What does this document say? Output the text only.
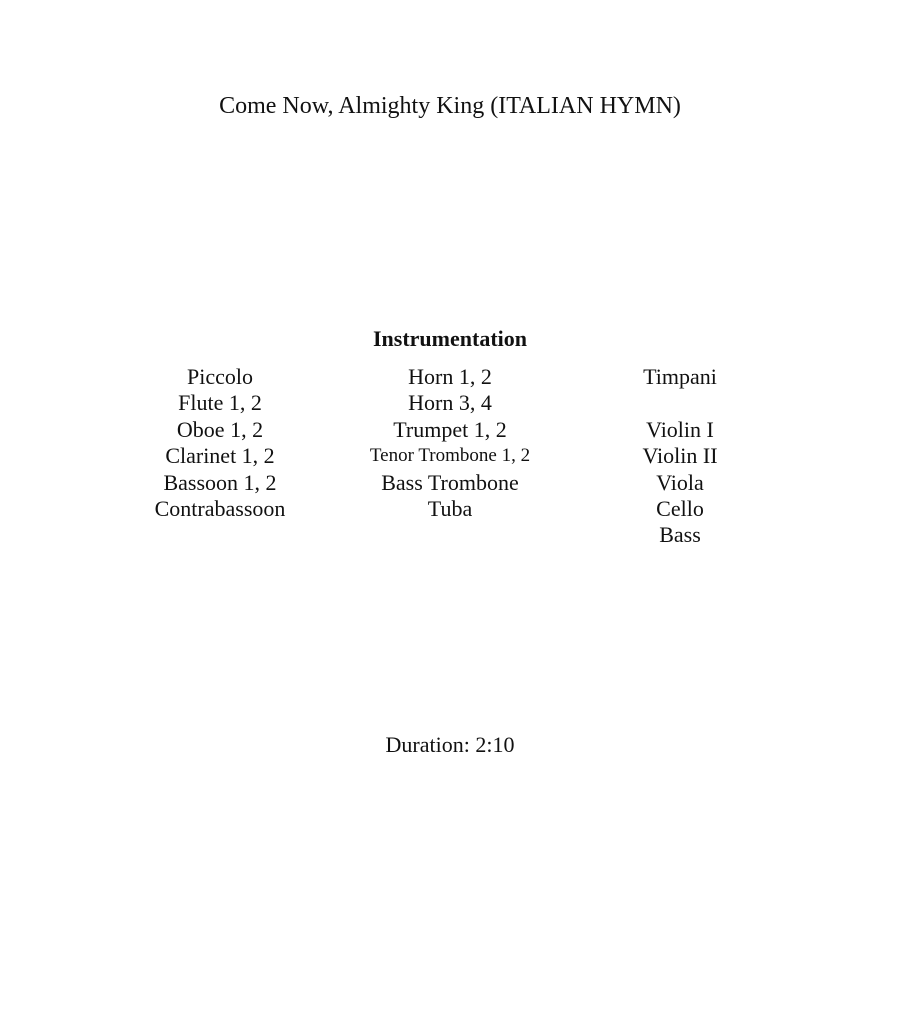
Come Now, Almighty King (ITALIAN HYMN)
Instrumentation
Piccolo
Flute 1, 2
Oboe 1, 2
Clarinet 1, 2
Bassoon 1, 2
Contrabassoon
Horn 1, 2
Horn 3, 4
Trumpet 1, 2
Tenor Trombone 1, 2
Bass Trombone
Tuba
Timpani
Violin I
Violin II
Viola
Cello
Bass
Duration: 2:10
